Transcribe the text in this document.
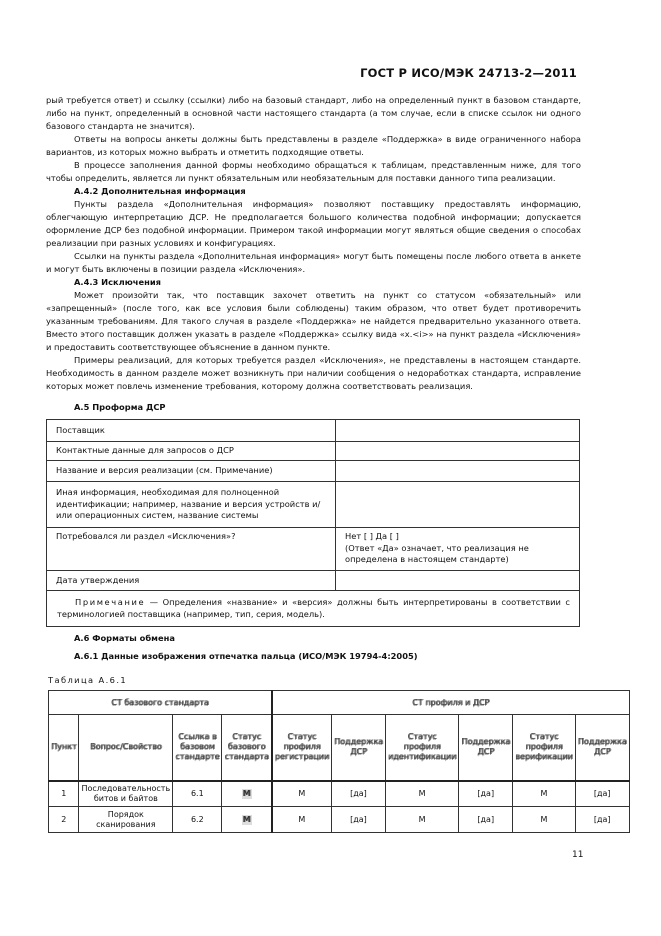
ГОСТ Р ИСО/МЭК 24713-2—2011

рый требуется ответ) и ссылку (ссылки) либо на базовый стандарт, либо на определенный пункт в базовом стандарте, либо на пункт, определенный в основной части настоящего стандарта (а том случае, если в списке ссылок ни одного базового стандарта не значится).

Ответы на вопросы анкеты должны быть представлены в разделе «Поддержка» в виде ограниченного набора вариантов, из которых можно выбрать и отметить подходящие ответы.

В процессе заполнения данной формы необходимо обращаться к таблицам, представленным ниже, для того чтобы определить, является ли пункт обязательным или необязательным для поставки данного типа реализации.

А.4.2 Дополнительная информация

Пункты раздела «Дополнительная информация» позволяют поставщику предоставлять информацию, облегчающую интерпретацию ДСР. Не предполагается большого количества подобной информации; допускается оформление ДСР без подобной информации. Примером такой информации могут являться общие сведения о способах реализации при разных условиях и конфигурациях.

Ссылки на пункты раздела «Дополнительная информация» могут быть помещены после любого ответа в анкете и могут быть включены в позиции раздела «Исключения».

А.4.3 Исключения

Может произойти так, что поставщик захочет ответить на пункт со статусом «обязательный» или «запрещенный» (после того, как все условия были соблюдены) таким образом, что ответ будет противоречить указанным требованиям. Для такого случая в разделе «Поддержка» не найдется предварительно указанного ответа. Вместо этого поставщик должен указать в разделе «Поддержка» ссылку вида «х.<i>» на пункт раздела «Исключения» и предоставить соответствующее объяснение в данном пункте.

Примеры реализаций, для которых требуется раздел «Исключения», не представлены в настоящем стандарте. Необходимость в данном разделе может возникнуть при наличии сообщения о недоработках стандарта, исправление которых может повлечь изменение требования, которому должна соответствовать реализация.

А.5 Проформа ДСР
Поставщик	
Контактные данные для запросов о ДСР	
Название и версия реализации (см. Примечание)	
Иная информация, необходимая для полноценной идентификации; например, название и версия устройств и/или операционных систем, название системы	
Потребовался ли раздел «Исключения»?	Нет [ ] Да [ ]
(Ответ «Да» означает, что реализация не определена в настоящем стандарте)

Дата утверждения	
Примечание — Определения «название» и «версия» должны быть интерпретированы в соответствии с терминологией поставщика (например, тип, серия, модель).	
А.6 Форматы обмена
А.6.1 Данные изображения отпечатка пальца (ИСО/МЭК 19794-4:2005)
Таблица А.6.1
СТ базового стандарта				СТ профиля и ДСР					
Пункт	Вопрос/Свойство	Ссылка в базовом стандарте	Статус базового стандарта	Статус профиля регистрации	Поддержка ДСР	Статус профиля идентификации	Поддержка ДСР	Статус профиля верификации	Поддержка ДСР
1	Последовательность битов и байтов	6.1	М	М	[да]	М	[да]	М	[да]
2	Порядок сканирования	6.2	М	М	[да]	М	[да]	М	[да]
11
